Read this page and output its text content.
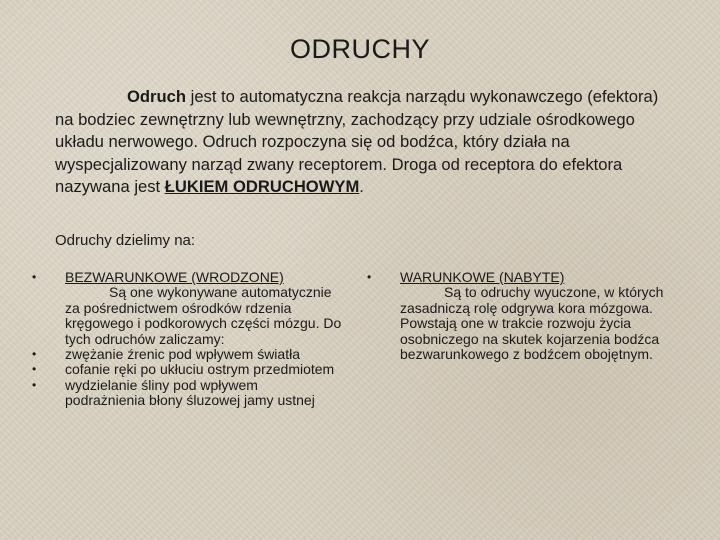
ODRUCHY
Odruch jest to automatyczna reakcja narządu wykonawczego (efektora) na bodziec zewnętrzny lub wewnętrzny, zachodzący przy udziale ośrodkowego układu nerwowego. Odruch rozpoczyna się od bodźca, który działa na wyspecjalizowany narząd zwany receptorem. Droga od receptora do efektora nazywana jest ŁUKIEM ODRUCHOWYM.
Odruchy dzielimy na:
•	BEZWARUNKOWE (WRODZONE)
Są one wykonywane automatycznie za pośrednictwem ośrodków rdzenia kręgowego i podkorowych części mózgu. Do tych odruchów zaliczamy:
•	zwężanie źrenic pod wpływem światła
•	cofanie ręki po ukłuciu ostrym przedmiotem
•	wydzielanie śliny pod wpływem podrażnienia błony śluzowej jamy ustnej
•	WARUNKOWE (NABYTE)
Są to odruchy wyuczone, w których zasadniczą rolę odgrywa kora mózgowa. Powstają one w trakcie rozwoju życia osobniczego na skutek kojarzenia bodźca bezwarunkowego z bodźcem obojętnym.
